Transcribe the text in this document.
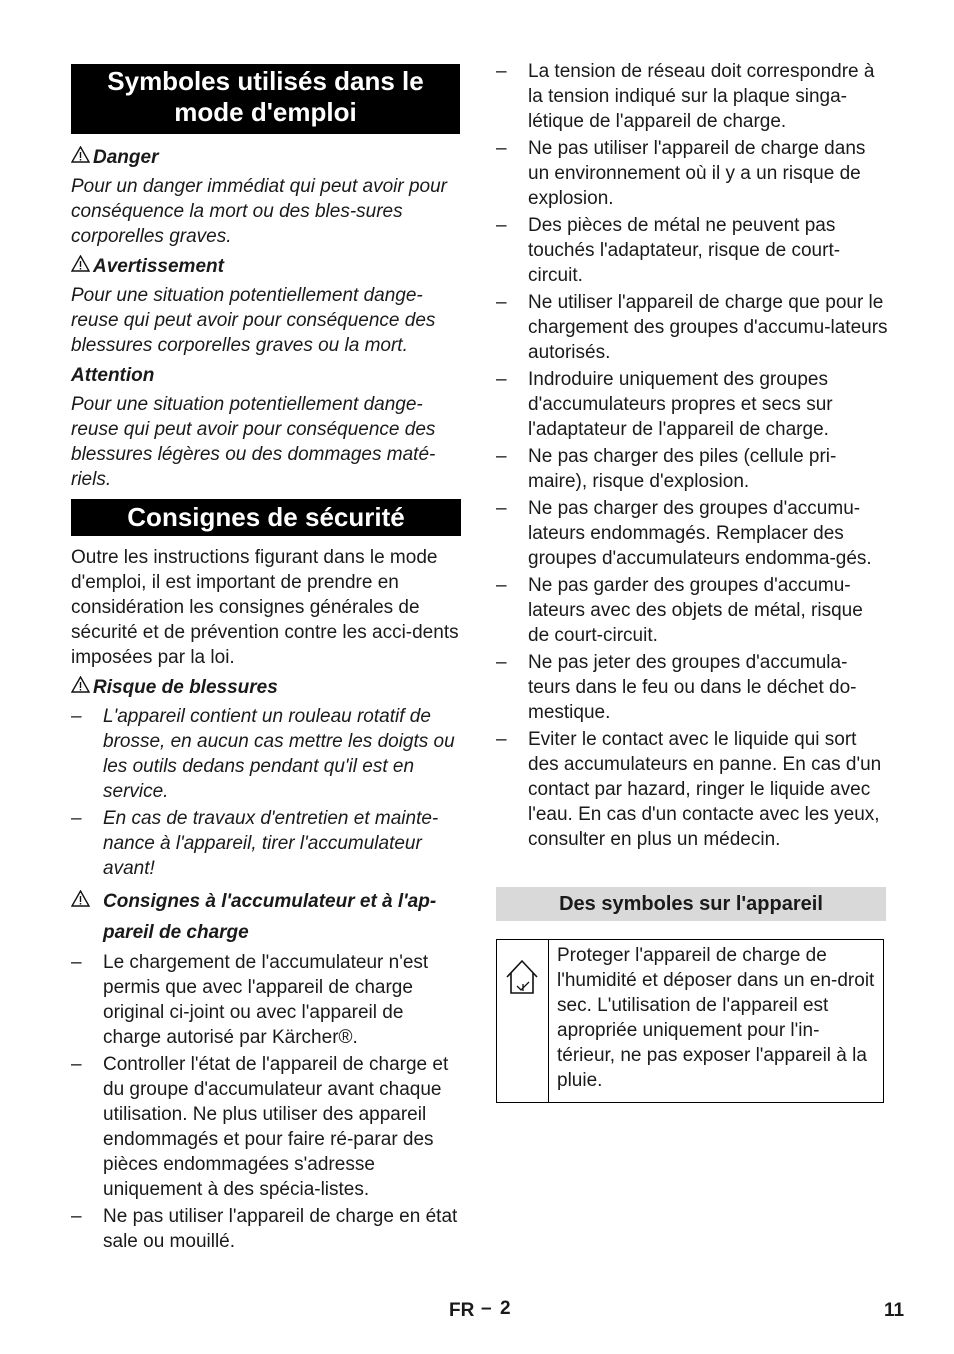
Symboles utilisés dans le mode d'emploi
Danger

Pour un danger immédiat qui peut avoir pour conséquence la mort ou des bles-sures corporelles graves.

Avertissement

Pour une situation potentiellement dange-reuse qui peut avoir pour conséquence des blessures corporelles graves ou la mort.

Attention

Pour une situation potentiellement dange-reuse qui peut avoir pour conséquence des blessures légères ou des dommages maté-riels.

Consignes de sécurité

Outre les instructions figurant dans le mode d'emploi, il est important de prendre en considération les consignes générales de sécurité et de prévention contre les acci-dents imposées par la loi.

Risque de blessures
– L'appareil contient un rouleau rotatif de brosse, en aucun cas mettre les doigts ou les outils dedans pendant qu'il est en service.
– En cas de travaux d'entretien et mainte-nance à l'appareil, tirer l'accumulateur avant!
Consignes à l'accumulateur et à l'ap-pareil de charge
– Le chargement de l'accumulateur n'est permis que avec l'appareil de charge original ci-joint ou avec l'appareil de charge autorisé par Kärcher®.
– Controller l'état de l'appareil de charge et du groupe d'accumulateur avant chaque utilisation. Ne plus utiliser des appareil endommagés et pour faire ré-parar des pièces endommagées s'adresse uniquement à des spécia-listes.
– Ne pas utiliser l'appareil de charge en état sale ou mouillé.
– La tension de réseau doit correspondre à la tension indiqué sur la plaque singa-létique de l'appareil de charge.
– Ne pas utiliser l'appareil de charge dans un environnement où il y a un risque de explosion.
– Des pièces de métal ne peuvent pas touchés l'adaptateur, risque de court-circuit.
– Ne utiliser l'appareil de charge que pour le chargement des groupes d'accumu-lateurs autorisés.
– Indroduire uniquement des groupes d'accumulateurs propres et secs sur l'adaptateur de l'appareil de charge.
– Ne pas charger des piles (cellule pri-maire), risque d'explosion.
– Ne pas charger des groupes d'accumu-lateurs endommagés. Remplacer des groupes d'accumulateurs endomma-gés.
– Ne pas garder des groupes d'accumu-lateurs avec des objets de métal, risque de court-circuit.
– Ne pas jeter des groupes d'accumula-teurs dans le feu ou dans le déchet do-mestique.
– Eviter le contact avec le liquide qui sort des accumulateurs en panne. En cas d'un contact par hazard, ringer le liquide avec l'eau. En cas d'un contacte avec les yeux, consulter en plus un médecin.
Des symboles sur l'appareil
Proteger l'appareil de charge de l'humidité et déposer dans un en-droit sec. L'utilisation de l'appareil est apropriée uniquement pour l'in-térieur, ne pas exposer l'appareil à la pluie.
FR – 2	11
